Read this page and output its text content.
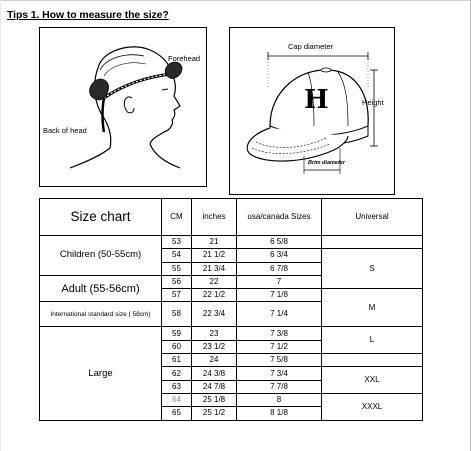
Tips 1. How to measure the size?
Forehead
Back of head
H
Cap diameter
Height
Brim diameter
Size chart	CM	inches	usa/canada Sizes	Universal	
Children (50-55cm)	53	21	6 5/8		
	54	21 1/2	6 3/4	S	
	55	21 3/4	6 7/8		
Adult (55-56cm)	56	22	7		
	57	22 1/2	7 1/8	M	
International standard size ( 58cm)	58	22 3/4	7 1/4		
Large	59	23	7 3/8	L	
	60	23 1/2	7 1/2	
	61	24	7 5/8		
	62	24 3/8	7 3/4	XXL	
	63	24 7/8	7 7/8		
	64	25 1/8	8	XXXL	
	65	25 1/2	8 1/8		
